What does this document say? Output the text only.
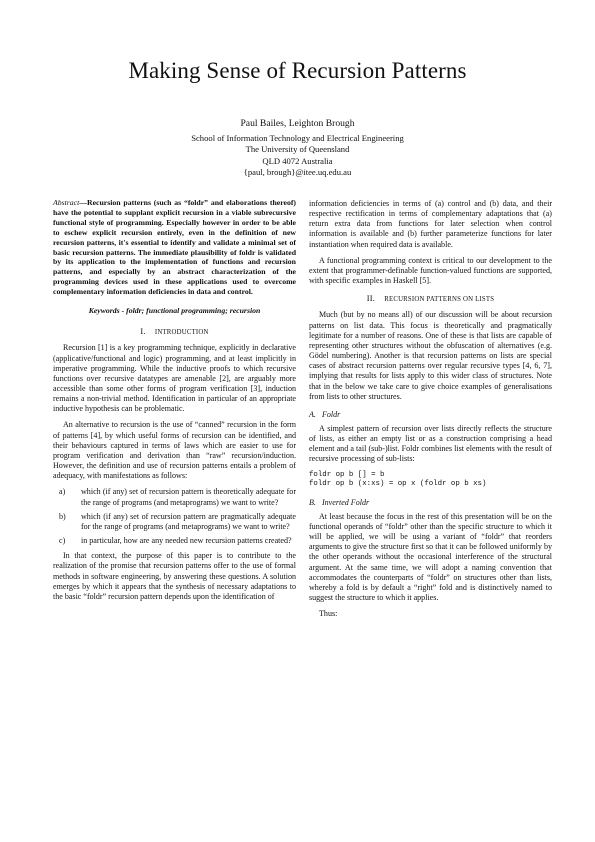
Making Sense of Recursion Patterns
Paul Bailes, Leighton Brough
School of Information Technology and Electrical Engineering
The University of Queensland
QLD 4072 Australia
{paul, brough}@itee.uq.edu.au

Abstract—Recursion patterns (such as “foldr” and elaborations thereof) have the potential to supplant explicit recursion in a viable subrecursive functional style of programming. Especially however in order to be able to eschew explicit recursion entirely, even in the definition of new recursion patterns, it's essential to identify and validate a minimal set of basic recursion patterns. The immediate plausibility of foldr is validated by its application to the implementation of functions and recursion patterns, and especially by an abstract characterization of the programming devices used in these applications used to overcome complementary information deficiencies in data and control.

Keywords - foldr; functional programming; recursion

I. INTRODUCTION

Recursion [1] is a key programming technique, explicitly in declarative (applicative/functional and logic) programming, and at least implicitly in imperative programming. While the inductive proofs to which recursive functions over recursive datatypes are amenable [2], are arguably more accessible than some other forms of program verification [3], induction remains a non-trivial method. Identification in particular of an appropriate inductive hypothesis can be problematic.

An alternative to recursion is the use of “canned” recursion in the form of patterns [4], by which useful forms of recursion can be identified, and their behaviours captured in terms of laws which are easier to use for program verification and derivation than “raw” recursion/induction. However, the definition and use of recursion patterns entails a problem of adequacy, with manifestations as follows:

a)	which (if any) set of recursion pattern is theoretically adequate for the range of programs (and metaprograms) we want to write?
b)	which (if any) set of recursion pattern are pragmatically adequate for the range of programs (and metaprograms) we want to write?
c)	in particular, how are any needed new recursion patterns created?

In that context, the purpose of this paper is to contribute to the realization of the promise that recursion patterns offer to the use of formal methods in software engineering, by answering these questions. A solution emerges by which it appears that the synthesis of necessary adaptations to the basic “foldr” recursion pattern depends upon the identification of

information deficiencies in terms of (a) control and (b) data, and their respective rectification in terms of complementary adaptations that (a) return extra data from functions for later selection when control information is available and (b) further parameterize functions for later instantiation when required data is available.

A functional programming context is critical to our development to the extent that programmer-definable function-valued functions are supported, with specific examples in Haskell [5].

II. RECURSION PATTERNS ON LISTS

Much (but by no means all) of our discussion will be about recursion patterns on list data. This focus is theoretically and pragmatically legitimate for a number of reasons. One of these is that lists are capable of representing other structures without the obfuscation of alternatives (e.g. Gödel numbering). Another is that recursion patterns on lists are special cases of abstract recursion patterns over regular recursive types [4, 6, 7], implying that results for lists apply to this wider class of structures. Note that in the below we take care to give choice examples of generalisations from lists to other structures.

A. Foldr

A simplest pattern of recursion over lists directly reflects the structure of lists, as either an empty list or as a construction comprising a head element and a tail (sub-)list. Foldr combines list elements with the result of recursive processing of sub-lists:

foldr op b [] = b
foldr op b (x:xs) = op x (foldr op b xs)
B. Inverted Foldr

At least because the focus in the rest of this presentation will be on the functional operands of “foldr” other than the specific structure to which it will be applied, we will be using a variant of “foldr” that reorders arguments to give the structure first so that it can be followed uniformly by the other operands without the occasional interference of the structural argument. At the same time, we will adopt a naming convention that accommodates the counterparts of “foldr” on structures other than lists, whereby a fold is by default a “right” fold and is distinctively named to suggest the structure to which it applies.

Thus:
